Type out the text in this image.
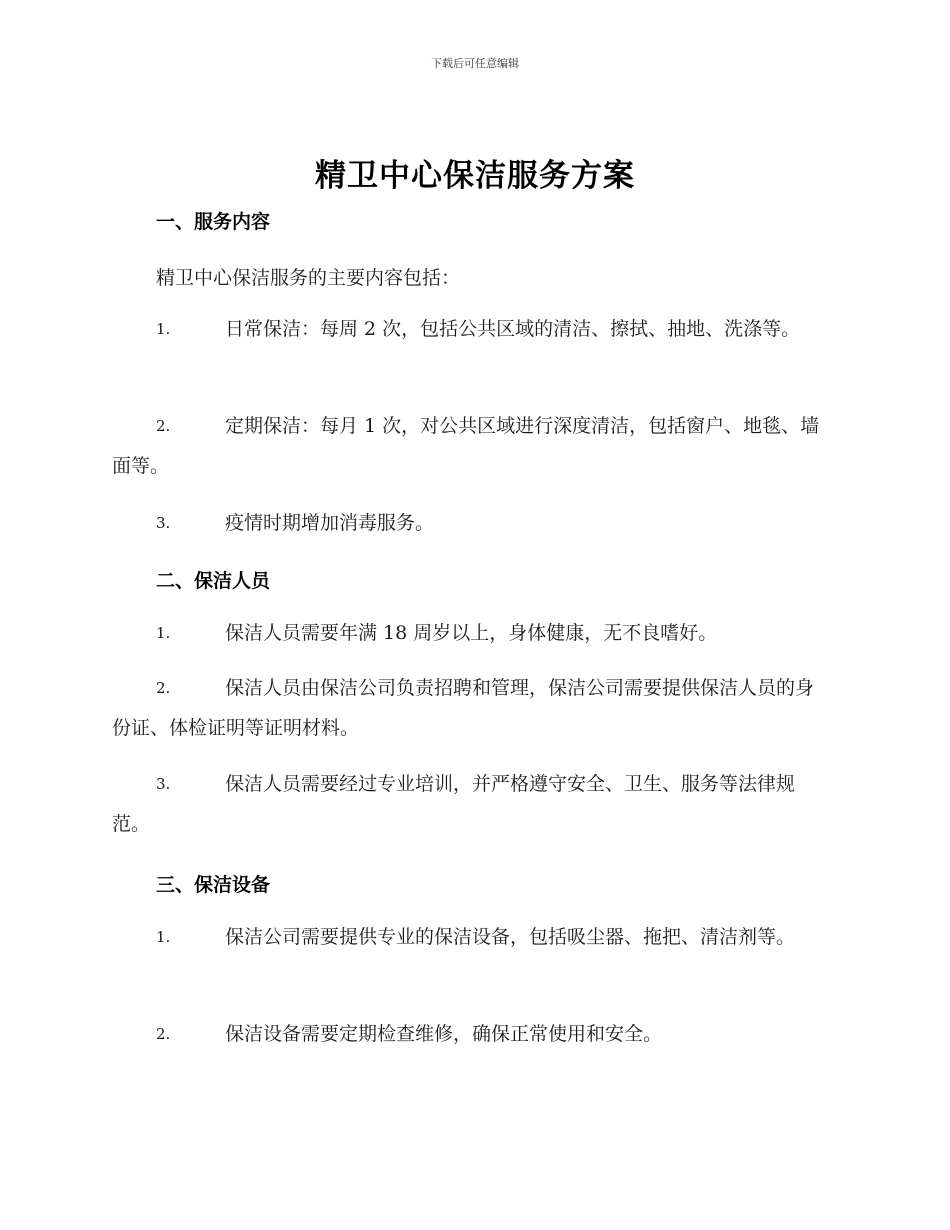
下载后可任意编辑
精卫中心保洁服务方案
一、服务内容
精卫中心保洁服务的主要内容包括：
1.	日常保洁：每周 2 次，包括公共区域的清洁、擦拭、抽地、洗涤等。
2.	定期保洁：每月 1 次，对公共区域进行深度清洁，包括窗户、地毯、墙面等。
3.	疫情时期增加消毒服务。
二、保洁人员
1.	保洁人员需要年满 18 周岁以上，身体健康，无不良嗜好。
2.	保洁人员由保洁公司负责招聘和管理，保洁公司需要提供保洁人员的身份证、体检证明等证明材料。
3.	保洁人员需要经过专业培训，并严格遵守安全、卫生、服务等法律规范。
三、保洁设备
1.	保洁公司需要提供专业的保洁设备，包括吸尘器、拖把、清洁剂等。
2.	保洁设备需要定期检查维修，确保正常使用和安全。
